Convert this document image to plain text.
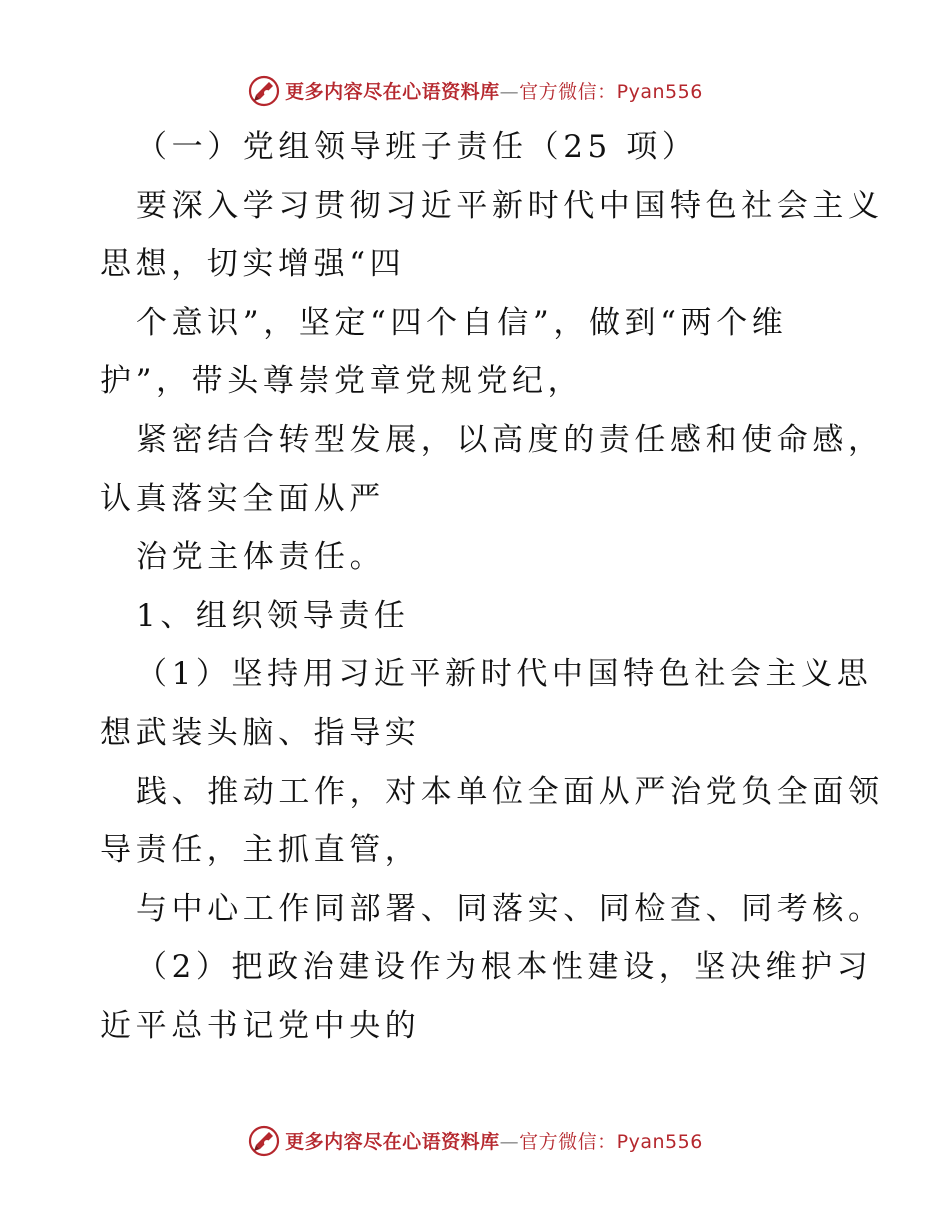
更多内容尽在心语资料库—官方微信：Pyan556
（一）党组领导班子责任（25 项）
要深入学习贯彻习近平新时代中国特色社会主义
思想，切实增强“四
个意识”，坚定“四个自信”，做到“两个维
护”，带头尊崇党章党规党纪，
紧密结合转型发展，以高度的责任感和使命感，
认真落实全面从严
治党主体责任。
1、组织领导责任
（1）坚持用习近平新时代中国特色社会主义思
想武装头脑、指导实
践、推动工作，对本单位全面从严治党负全面领
导责任，主抓直管，
与中心工作同部署、同落实、同检查、同考核。
（2）把政治建设作为根本性建设，坚决维护习
近平总书记党中央的
更多内容尽在心语资料库—官方微信：Pyan556
